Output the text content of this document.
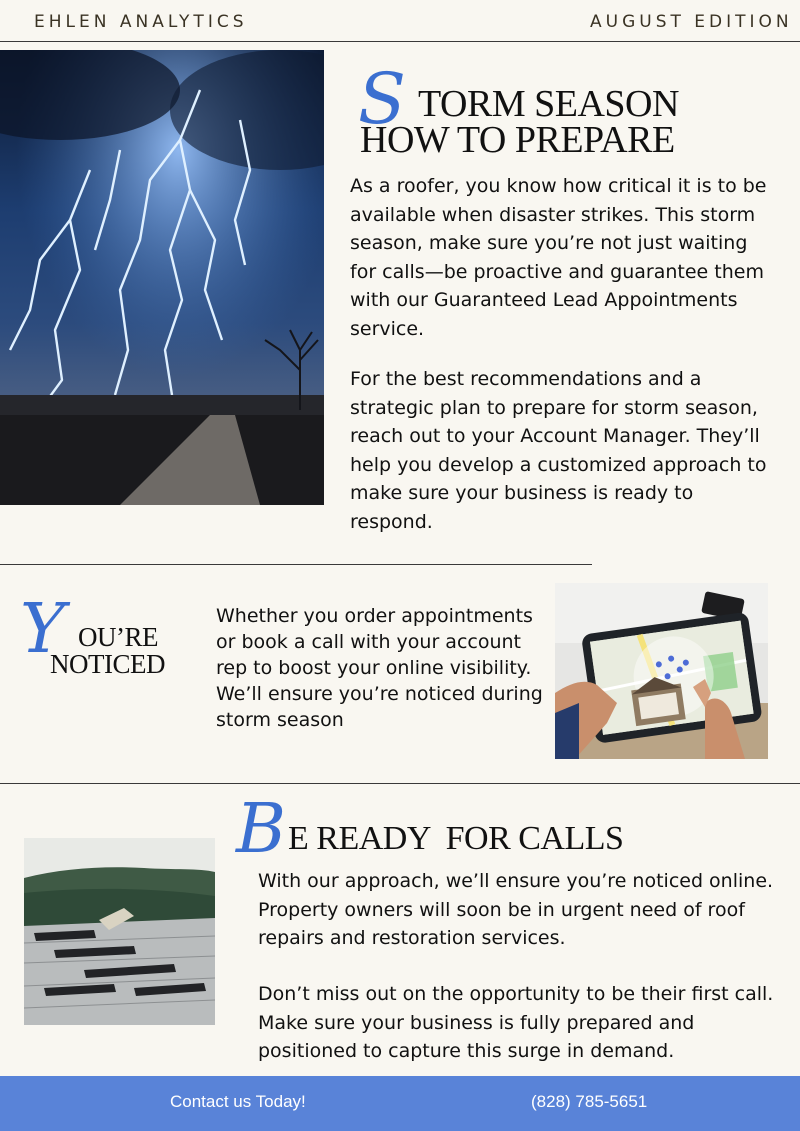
EHLEN ANALYTICS	AUGUST EDITION
S TORM SEASON
HOW TO PREPARE
As a roofer, you know how critical it is to be available when disaster strikes. This storm season, make sure you’re not just waiting for calls—be proactive and guarantee them with our Guaranteed Lead Appointments service.
For the best recommendations and a strategic plan to prepare for storm season, reach out to your Account Manager. They’ll help you develop a customized approach to make sure your business is ready to respond.
Y OU’RE
NOTICED
Whether you order appointments or book a call with your account rep to boost your online visibility. We’ll ensure you’re noticed during storm season
B E READY  FOR CALLS
With our approach, we’ll ensure you’re noticed online. Property owners will soon be in urgent need of roof repairs and restoration services.
Don’t miss out on the opportunity to be their first call. Make sure your business is fully prepared and positioned to capture this surge in demand.
Contact us Today!	(828) 785-5651
